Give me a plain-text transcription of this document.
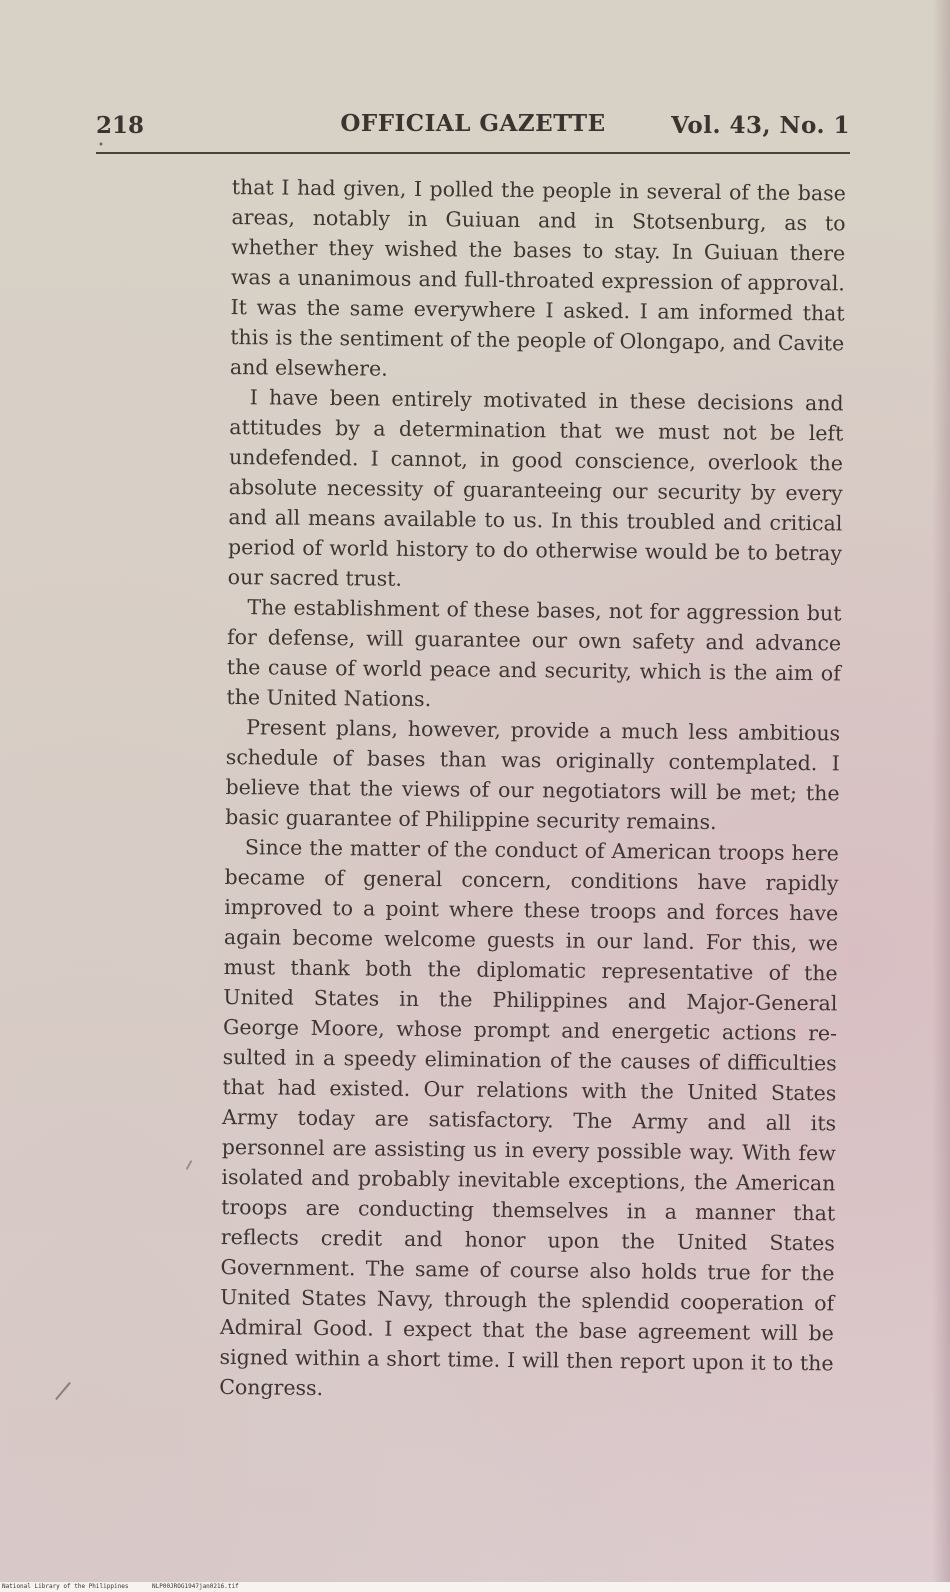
218	OFFICIAL GAZETTE	Vol. 43, No. 1
•

that I had given, I polled the people in several of the base areas, notably in Guiuan and in Stotsenburg, as to whether they wished the bases to stay. In Guiuan there was a unanimous and full-throated expression of approval. It was the same everywhere I asked. I am informed that this is the sentiment of the people of Olongapo, and Cavite and elsewhere.

I have been entirely motivated in these decisions and attitudes by a determination that we must not be left undefended. I cannot, in good conscience, overlook the absolute necessity of guaranteeing our security by every and all means available to us. In this troubled and critical period of world history to do otherwise would be to betray our sacred trust.

The establishment of these bases, not for aggression but for defense, will guarantee our own safety and advance the cause of world peace and security, which is the aim of the United Nations.

Present plans, however, provide a much less ambitious schedule of bases than was originally contemplated. I believe that the views of our negotiators will be met; the basic guarantee of Philippine security remains.

Since the matter of the conduct of American troops here became of general concern, conditions have rapidly improved to a point where these troops and forces have again become welcome guests in our land. For this, we must thank both the diplomatic representative of the United States in the Philippines and Major-General George Moore, whose prompt and energetic actions resulted in a speedy elimination of the causes of difficulties that had existed. Our relations with the United States Army today are satisfactory. The Army and all its personnel are assisting us in every possible way. With few isolated and probably inevitable exceptions, the American troops are conducting themselves in a manner that reflects credit and honor upon the United States Government. The same of course also holds true for the United States Navy, through the splendid cooperation of Admiral Good. I expect that the base agreement will be signed within a short time. I will then report upon it to the Congress.

National Library of the Philippines	NLP00JROG1947jan0216.tif
